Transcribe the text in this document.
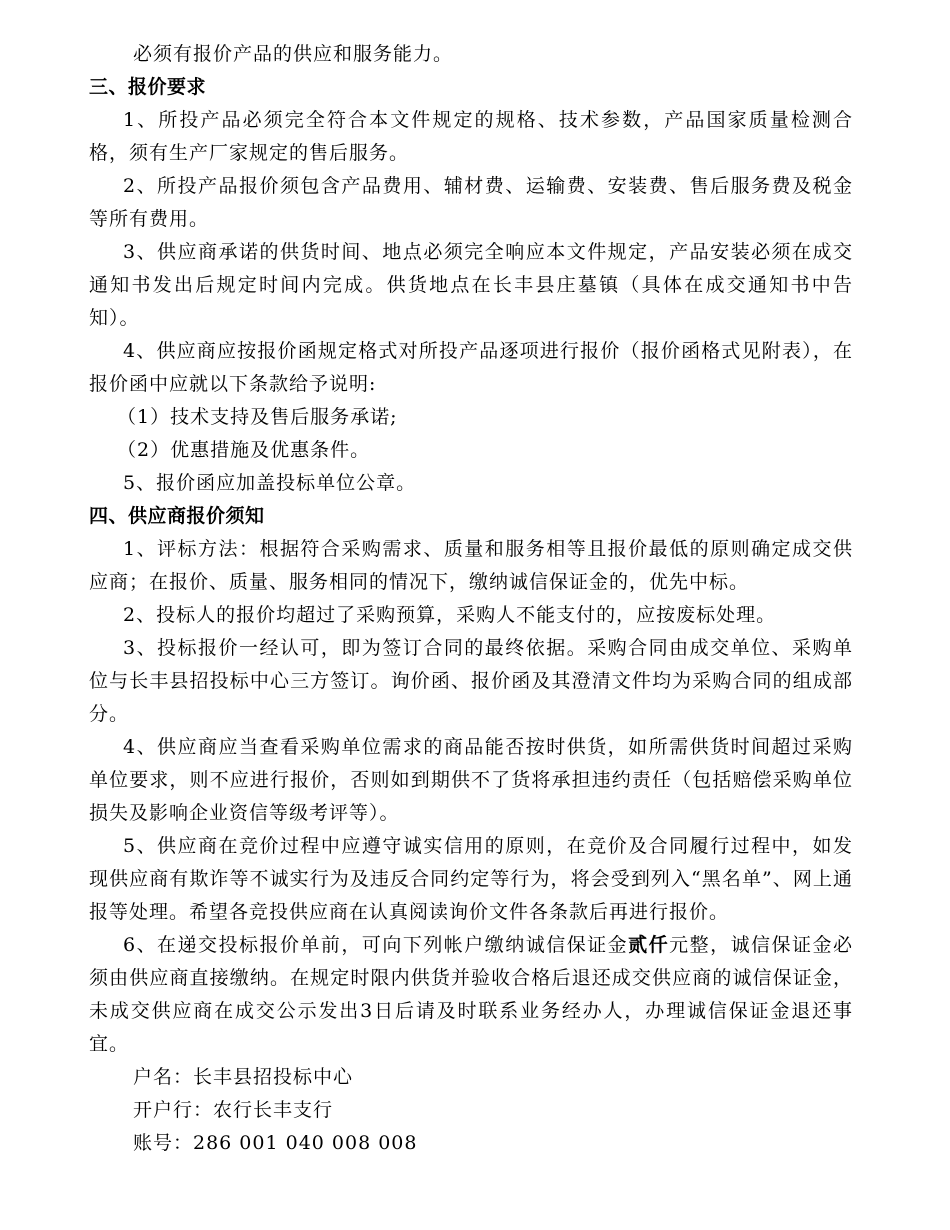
必须有报价产品的供应和服务能力。

三、报价要求

1、所投产品必须完全符合本文件规定的规格、技术参数，产品国家质量检测合格，须有生产厂家规定的售后服务。

2、所投产品报价须包含产品费用、辅材费、运输费、安装费、售后服务费及税金等所有费用。

3、供应商承诺的供货时间、地点必须完全响应本文件规定，产品安装必须在成交通知书发出后规定时间内完成。供货地点在长丰县庄墓镇（具体在成交通知书中告知）。

4、供应商应按报价函规定格式对所投产品逐项进行报价（报价函格式见附表），在报价函中应就以下条款给予说明:

（1）技术支持及售后服务承诺;

（2）优惠措施及优惠条件。

5、报价函应加盖投标单位公章。

四、供应商报价须知

1、评标方法：根据符合采购需求、质量和服务相等且报价最低的原则确定成交供应商；在报价、质量、服务相同的情况下，缴纳诚信保证金的，优先中标。

2、投标人的报价均超过了采购预算，采购人不能支付的，应按废标处理。

3、投标报价一经认可，即为签订合同的最终依据。采购合同由成交单位、采购单位与长丰县招投标中心三方签订。询价函、报价函及其澄清文件均为采购合同的组成部分。

4、供应商应当查看采购单位需求的商品能否按时供货，如所需供货时间超过采购单位要求，则不应进行报价，否则如到期供不了货将承担违约责任（包括赔偿采购单位损失及影响企业资信等级考评等）。

5、供应商在竞价过程中应遵守诚实信用的原则，在竞价及合同履行过程中，如发现供应商有欺诈等不诚实行为及违反合同约定等行为，将会受到列入“黑名单”、网上通报等处理。希望各竞投供应商在认真阅读询价文件各条款后再进行报价。

6、在递交投标报价单前，可向下列帐户缴纳诚信保证金贰仟元整，诚信保证金必须由供应商直接缴纳。在规定时限内供货并验收合格后退还成交供应商的诚信保证金，未成交供应商在成交公示发出3日后请及时联系业务经办人，办理诚信保证金退还事宜。

户名：长丰县招投标中心

开户行：农行长丰支行

账号：286 001 040 008 008
